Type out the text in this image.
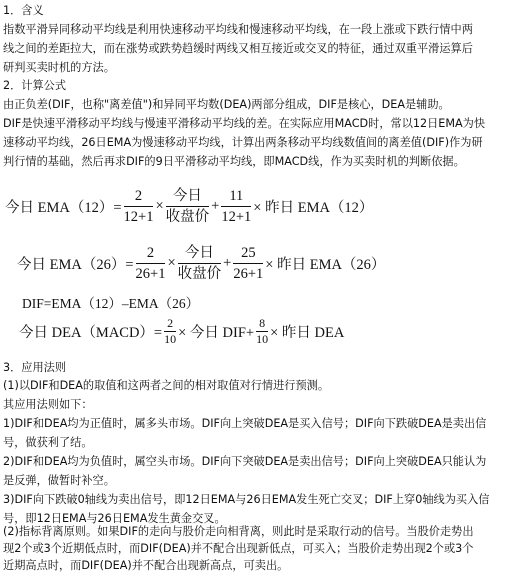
1．含义
指数平滑异同移动平均线是利用快速移动平均线和慢速移动平均线，在一段上涨或下跌行情中两
线之间的差距拉大，而在涨势或跌势趋缓时两线又相互接近或交叉的特征，通过双重平滑运算后
研判买卖时机的方法。
2．计算公式
由正负差(DIF，也称"离差值")和异同平均数(DEA)两部分组成，DIF是核心，DEA是辅助。
DIF是快速平滑移动平均线与慢速平滑移动平均线的差。在实际应用MACD时，常以12日EMA为快
速移动平均线，26日EMA为慢速移动平均线，计算出两条移动平均线数值间的离差值(DIF)作为研
判行情的基础，然后再求DIF的9日平滑移动平均线，即MACD线，作为买卖时机的判断依据。
今日 $EMA(12)= \frac{2}{12+1} \times \frac{\text{今日}}{\text{收盘价}} + \frac{11}{12+1}$ × 昨日 EMA（12）
今日 $EMA(26)= \frac{2}{26+1} \times \frac{\text{今日}}{\text{收盘价}} + \frac{25}{26+1}$ × 昨日 EMA（26）
DIF=EMA（12）–EMA（26）
今日 DEA（MACD）= $\frac{2}{10}$ × 今日 $DIF+ \frac{8}{10}$ × 昨日 DEA
3．应用法则
(1)以DIF和DEA的取值和这两者之间的相对取值对行情进行预测。
其应用法则如下：
1)DIF和DEA均为正值时，属多头市场。DIF向上突破DEA是买入信号；DIF向下跌破DEA是卖出信
号，做获利了结。
2)DIF和DEA均为负值时，属空头市场。DIF向下突破DEA是卖出信号；DIF向上突破DEA只能认为
是反弹，做暂时补空。
3)DIF向下跌破0轴线为卖出信号，即12日EMA与26日EMA发生死亡交叉；DIF上穿0轴线为买入信
号，即12日EMA与26日EMA发生黄金交叉。
(2)指标背离原则。如果DIF的走向与股价走向相背离，则此时是采取行动的信号。当股价走势出
现2个或3个近期低点时，而DIF(DEA)并不配合出现新低点，可买入；当股价走势出现2个或3个
近期高点时，而DIF(DEA)并不配合出现新高点，可卖出。
